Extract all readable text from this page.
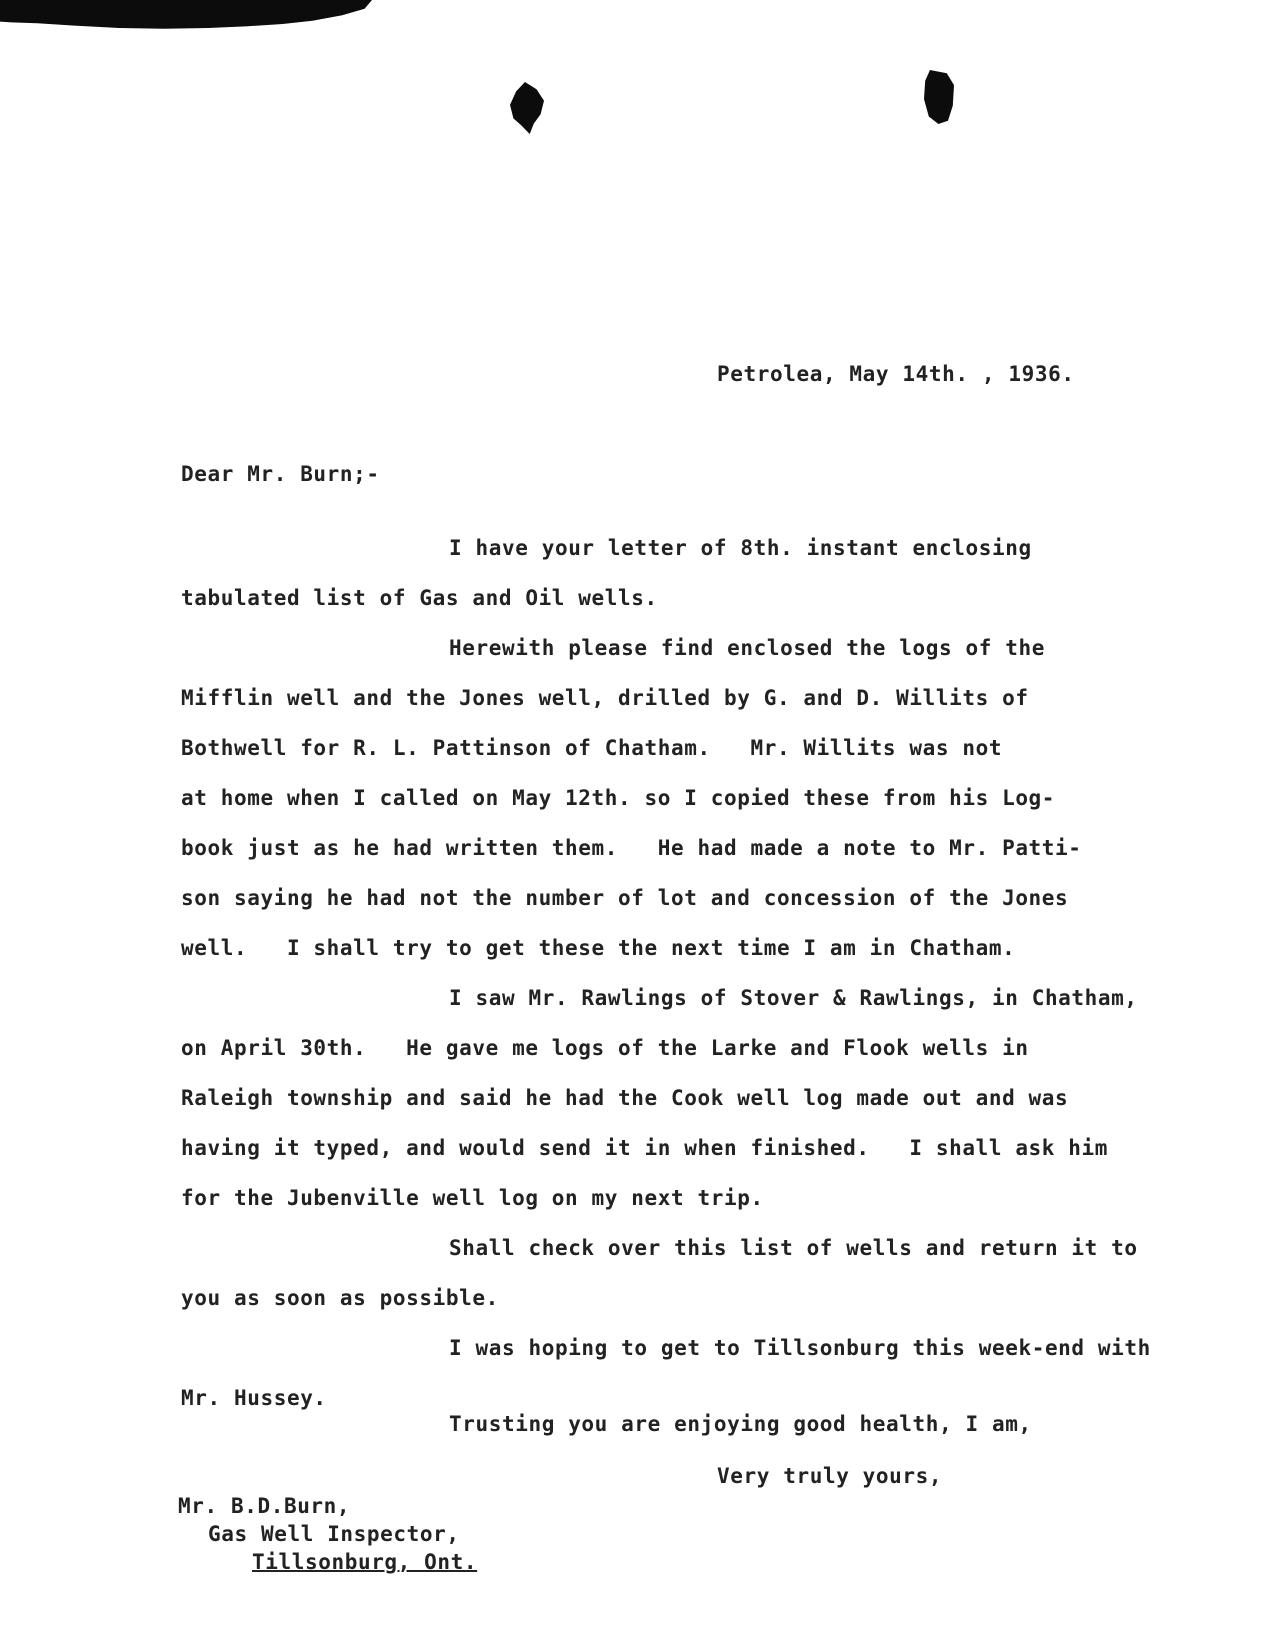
Petrolea, May 14th. , 1936.
Dear Mr. Burn;-
I have your letter of 8th. instant enclosing
tabulated list of Gas and Oil wells.
Herewith please find enclosed the logs of the
Mifflin well and the Jones well, drilled by G. and D. Willits of
Bothwell for R. L. Pattinson of Chatham.   Mr. Willits was not
at home when I called on May 12th. so I copied these from his Log-
book just as he had written them.   He had made a note to Mr. Patti-
son saying he had not the number of lot and concession of the Jones
well.   I shall try to get these the next time I am in Chatham.
I saw Mr. Rawlings of Stover & Rawlings, in Chatham,
on April 30th.   He gave me logs of the Larke and Flook wells in
Raleigh township and said he had the Cook well log made out and was
having it typed, and would send it in when finished.   I shall ask him
for the Jubenville well log on my next trip.
Shall check over this list of wells and return it to
you as soon as possible.
I was hoping to get to Tillsonburg this week-end with
Mr. Hussey.
Trusting you are enjoying good health, I am,
Very truly yours,
Mr. B.D.Burn,
Gas Well Inspector,
Tillsonburg, Ont.
